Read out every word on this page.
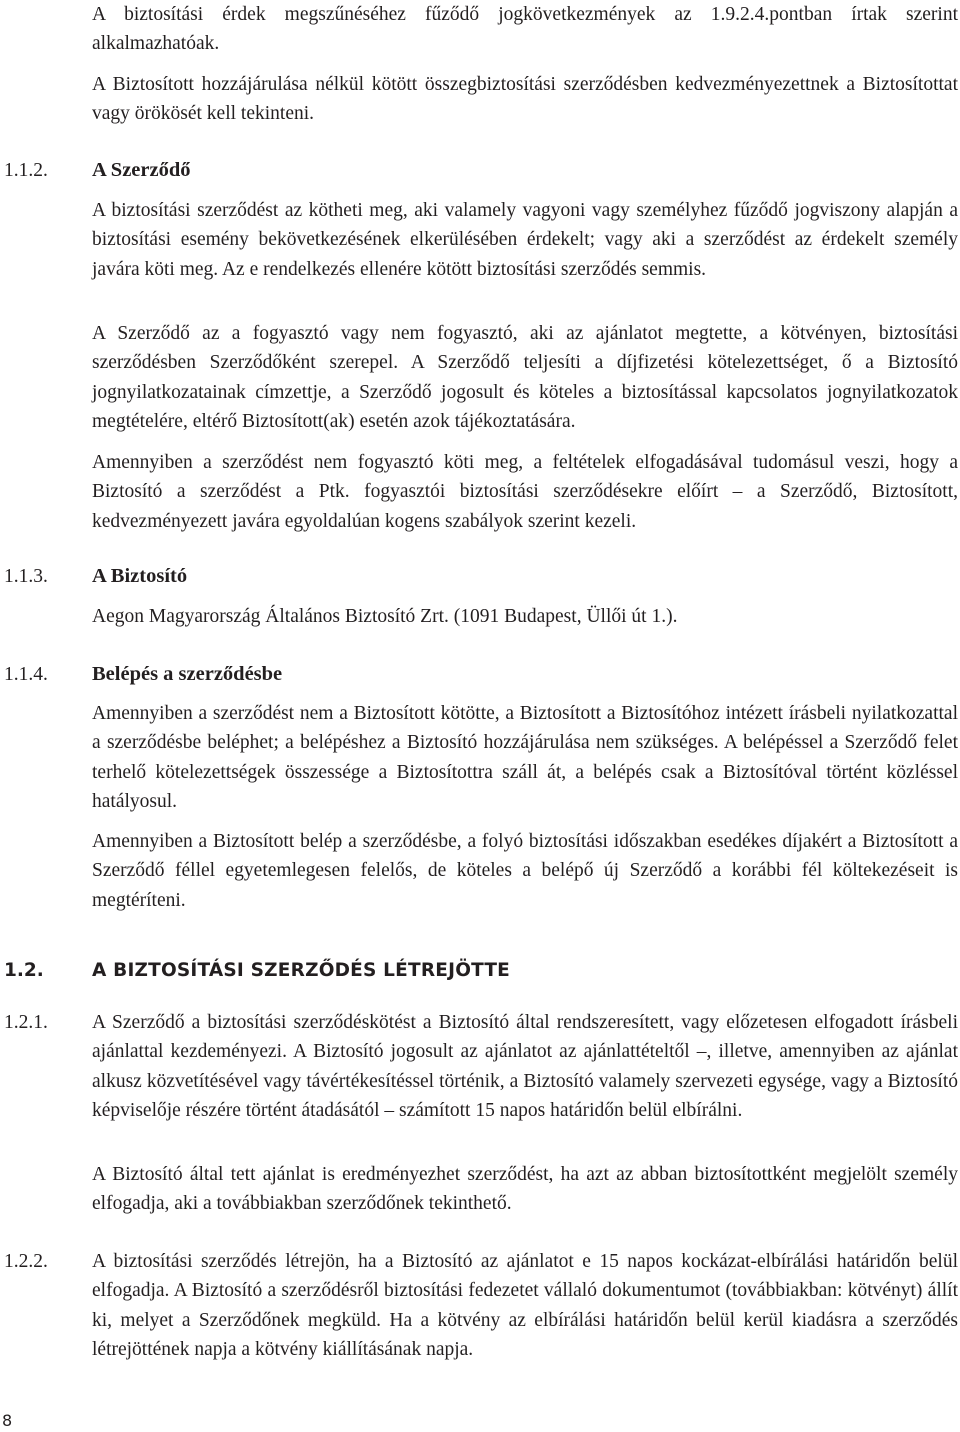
A biztosítási érdek megszűnéséhez fűződő jogkövetkezmények az 1.9.2.4.pontban írtak szerint alkalmazhatóak.

A Biztosított hozzájárulása nélkül kötött összegbiztosítási szerződésben kedvezményezettnek a Biztosítottat vagy örökösét kell tekinteni.

1.1.2. A Szerződő

A biztosítási szerződést az kötheti meg, aki valamely vagyoni vagy személyhez fűződő jogviszony alapján a biztosítási esemény bekövetkezésének elkerülésében érdekelt; vagy aki a szerződést az érdekelt személy javára köti meg. Az e rendelkezés ellenére kötött biztosítási szerződés semmis.

A Szerződő az a fogyasztó vagy nem fogyasztó, aki az ajánlatot megtette, a kötvényen, biztosítási szerződésben Szerződőként szerepel. A Szerződő teljesíti a díjfizetési kötelezettséget, ő a Biztosító jognyilatkozatainak címzettje, a Szerződő jogosult és köteles a biztosítással kapcsolatos jognyilatkozatok megtételére, eltérő Biztosított(ak) esetén azok tájékoztatására.

Amennyiben a szerződést nem fogyasztó köti meg, a feltételek elfogadásával tudomásul veszi, hogy a Biztosító a szerződést a Ptk. fogyasztói biztosítási szerződésekre előírt – a Szerződő, Biztosított, kedvezményezett javára egyoldalúan kogens szabályok szerint kezeli.

1.1.3. A Biztosító

Aegon Magyarország Általános Biztosító Zrt. (1091 Budapest, Üllői út 1.).

1.1.4. Belépés a szerződésbe

Amennyiben a szerződést nem a Biztosított kötötte, a Biztosított a Biztosítóhoz intézett írásbeli nyilatkozattal a szerződésbe beléphet; a belépéshez a Biztosító hozzájárulása nem szükséges. A belépéssel a Szerződő felet terhelő kötelezettségek összessége a Biztosítottra száll át, a belépés csak a Biztosítóval történt közléssel hatályosul.

Amennyiben a Biztosított belép a szerződésbe, a folyó biztosítási időszakban esedékes díjakért a Biztosított a Szerződő féllel egyetemlegesen felelős, de köteles a belépő új Szerződő a korábbi fél költekezéseit is megtéríteni.

1.2.	A BIZTOSÍTÁSI SZERZŐDÉS LÉTREJÖTTE
1.2.1. A Szerződő a biztosítási szerződéskötést a Biztosító által rendszeresített, vagy előzetesen elfogadott írásbeli ajánlattal kezdeményezi. A Biztosító jogosult az ajánlatot az ajánlattételtől –, illetve, amennyiben az ajánlat alkusz közvetítésével vagy távértékesítéssel történik, a Biztosító valamely szervezeti egysége, vagy a Biztosító képviselője részére történt átadásától – számított 15 napos határidőn belül elbírálni.

A Biztosító által tett ajánlat is eredményezhet szerződést, ha azt az abban biztosítottként megjelölt személy elfogadja, aki a továbbiakban szerződőnek tekinthető.

1.2.2. A biztosítási szerződés létrejön, ha a Biztosító az ajánlatot e 15 napos kockázat-elbírálási határidőn belül elfogadja. A Biztosító a szerződésről biztosítási fedezetet vállaló dokumentumot (továbbiakban: kötvényt) állít ki, melyet a Szerződőnek megküld. Ha a kötvény az elbírálási határidőn belül kerül kiadásra a szerződés létrejöttének napja a kötvény kiállításának napja.

8
